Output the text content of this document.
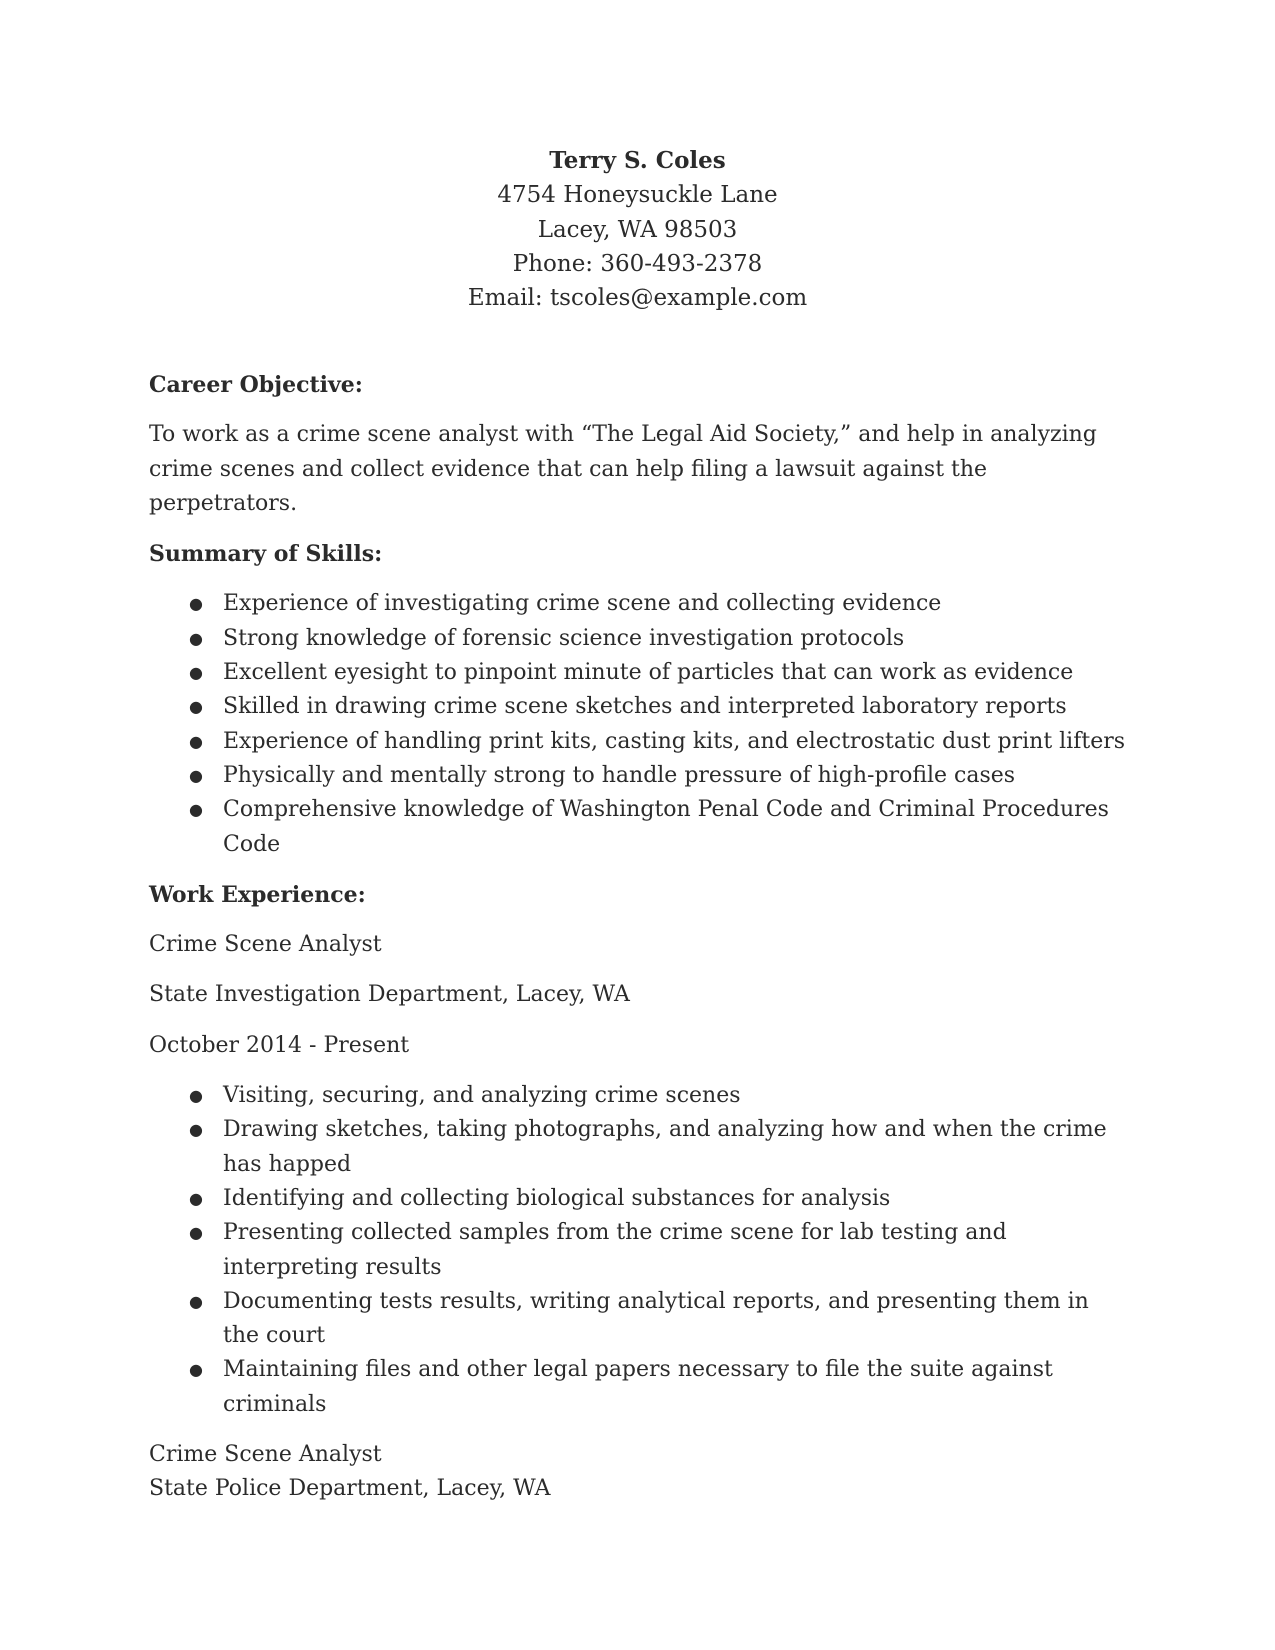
Terry S. Coles
4754 Honeysuckle Lane
Lacey, WA 98503
Phone: 360-493-2378
Email: tscoles@example.com

Career Objective:

To work as a crime scene analyst with “The Legal Aid Society,” and help in analyzing crime scenes and collect evidence that can help filing a lawsuit against the perpetrators.

Summary of Skills:

● Experience of investigating crime scene and collecting evidence
● Strong knowledge of forensic science investigation protocols
● Excellent eyesight to pinpoint minute of particles that can work as evidence
● Skilled in drawing crime scene sketches and interpreted laboratory reports
● Experience of handling print kits, casting kits, and electrostatic dust print lifters
● Physically and mentally strong to handle pressure of high-profile cases
● Comprehensive knowledge of Washington Penal Code and Criminal Procedures Code

Work Experience:

Crime Scene Analyst

State Investigation Department, Lacey, WA

October 2014 - Present

● Visiting, securing, and analyzing crime scenes
● Drawing sketches, taking photographs, and analyzing how and when the crime has happed
● Identifying and collecting biological substances for analysis
● Presenting collected samples from the crime scene for lab testing and interpreting results
● Documenting tests results, writing analytical reports, and presenting them in the court
● Maintaining files and other legal papers necessary to file the suite against criminals

Crime Scene Analyst

State Police Department, Lacey, WA
